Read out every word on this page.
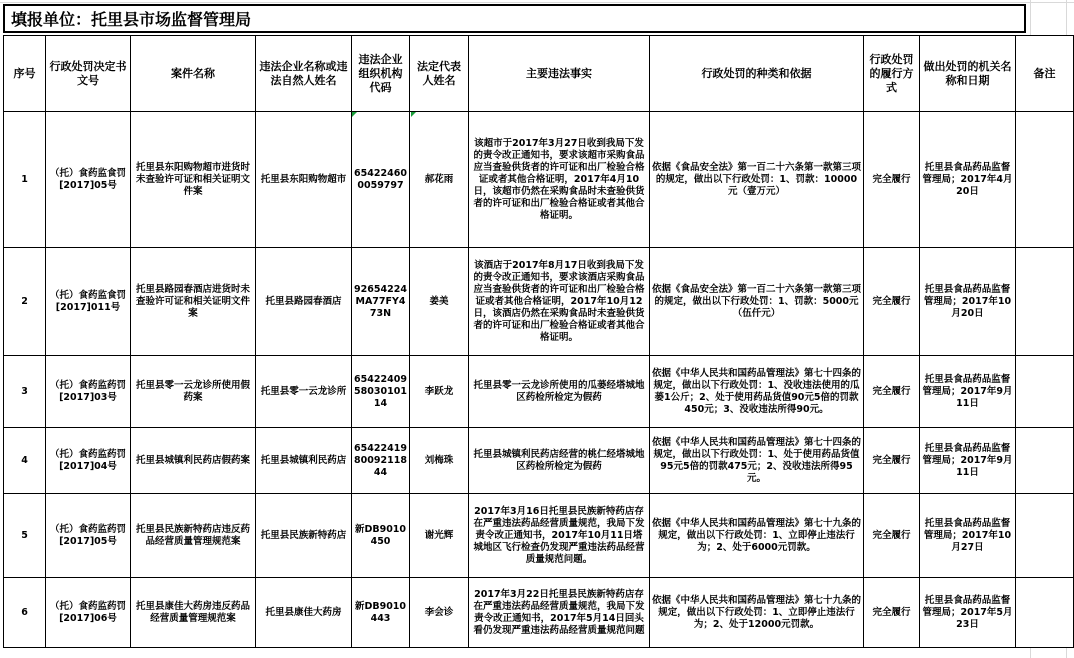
填报单位：托里县市场监督管理局
序号	行政处罚决定书文号	案件名称	违法企业名称或违法自然人姓名	违法企业组织机构代码	法定代表人姓名	主要违法事实	行政处罚的种类和依据	行政处罚的履行方式	做出处罚的机关名称和日期	备注
1	（托）食药监食罚[2017]05号	托里县东阳购物超市进货时未查验许可证和相关证明文件案	托里县东阳购物超市	654224600059797	郝花雨	该超市于2017年3月27日收到我局下发的责令改正通知书，要求该超市采购食品应当查验供货者的许可证和出厂检验合格证或者其他合格证明，2017年4月10日，该超市仍然在采购食品时未查验供货者的许可证和出厂检验合格证或者其他合格证明。	依据《食品安全法》第一百二十六条第一款第三项的规定，做出以下行政处罚：1、罚款：10000元（壹万元）	完全履行	托里县食品药品监督管理局；2017年4月20日	
2	（托）食药监食罚[2017]011号	托里县路园春酒店进货时未查验许可证和相关证明文件案	托里县路园春酒店	92654224MA77FY473N	姜美	该酒店于2017年8月17日收到我局下发的责令改正通知书，要求该酒店采购食品应当查验供货者的许可证和出厂检验合格证或者其他合格证明，2017年10月12日，该酒店仍然在采购食品时未查验供货者的许可证和出厂检验合格证或者其他合格证明。	依据《食品安全法》第一百二十六条第一款第三项的规定，做出以下行政处罚：1、罚款：5000元（伍仟元）	完全履行	托里县食品药品监督管理局；2017年10月20日	
3	（托）食药监药罚[2017]03号	托里县零一云龙诊所使用假药案	托里县零一云龙诊所	6542240958030101 14	李跃龙	托里县零一云龙诊所使用的瓜蒌经塔城地区药检所检定为假药	依据《中华人民共和国药品管理法》第七十四条的规定，做出以下行政处罚：1、没收违法使用的瓜蒌1公斤；2、处于使用药品货值90元5倍的罚款450元；3、没收违法所得90元。	完全履行	托里县食品药品监督管理局；2017年9月11日	
4	（托）食药监药罚[2017]04号	托里县城镇利民药店假药案	托里县城镇利民药店	6542241980092118 44	刘梅珠	托里县城镇利民药店经营的桃仁经塔城地区药检所检定为假药	依据《中华人民共和国药品管理法》第七十四条的规定，做出以下行政处罚：1、处于使用药品货值95元5倍的罚款475元；2、没收违法所得95元。	完全履行	托里县食品药品监督管理局；2017年9月11日	
5	（托）食药监药罚[2017]05号	托里县民族新特药店违反药品经营质量管理规范案	托里县民族新特药店	新DB9010450	谢光辉	2017年3月16日托里县民族新特药店存在严重违法药品经营质量规范，我局下发责令改正通知书，2017年10月11日塔城地区飞行检查仍发现严重违法药品经营质量规范问题。	依据《中华人民共和国药品管理法》第七十九条的规定，做出以下行政处罚：1、立即停止违法行为；2、处于6000元罚款。	完全履行	托里县食品药品监督管理局；2017年10月27日	
6	（托）食药监药罚[2017]06号	托里县康佳大药房违反药品经营质量管理规范案	托里县康佳大药房	新DB9010443	李会诊	2017年3月22日托里县民族新特药店存在严重违法药品经营质量规范，我局下发责令改正通知书，2017年5月14日回头看仍发现严重违法药品经营质量规范问题	依据《中华人民共和国药品管理法》第七十九条的规定，做出以下行政处罚：1、立即停止违法行为；2、处于12000元罚款。	完全履行	托里县食品药品监督管理局；2017年5月23日	
